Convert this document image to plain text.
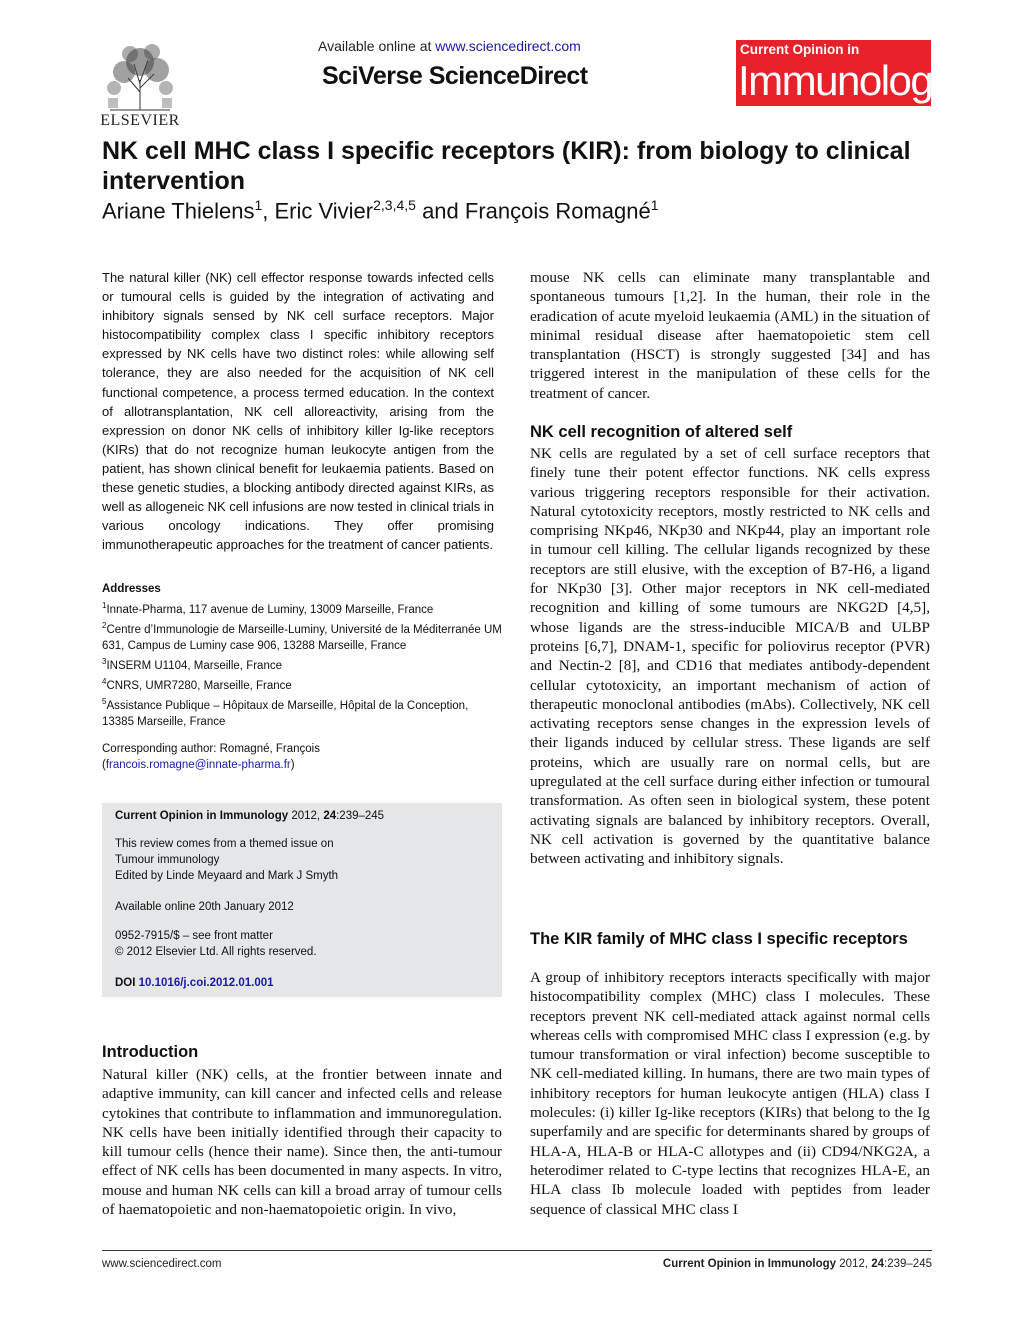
ELSEVIER
Available online at www.sciencedirect.com
SciVerse ScienceDirect
Current Opinion in
Immunology
NK cell MHC class I specific receptors (KIR): from biology to clinical intervention
Ariane Thielens$^1$, Eric Vivier$^{2,3,4,5}$ and François Romagné$^1$

The natural killer (NK) cell effector response towards infected cells or tumoural cells is guided by the integration of activating and inhibitory signals sensed by NK cell surface receptors. Major histocompatibility complex class I specific inhibitory receptors expressed by NK cells have two distinct roles: while allowing self tolerance, they are also needed for the acquisition of NK cell functional competence, a process termed education. In the context of allotransplantation, NK cell alloreactivity, arising from the expression on donor NK cells of inhibitory killer Ig-like receptors (KIRs) that do not recognize human leukocyte antigen from the patient, has shown clinical benefit for leukaemia patients. Based on these genetic studies, a blocking antibody directed against KIRs, as well as allogeneic NK cell infusions are now tested in clinical trials in various oncology indications. They offer promising immunotherapeutic approaches for the treatment of cancer patients.

Addresses
$^1$Innate-Pharma, 117 avenue de Luminy, 13009 Marseille, France
$^2$Centre d’Immunologie de Marseille-Luminy, Université de la Méditerranée UM 631, Campus de Luminy case 906, 13288 Marseille, France
$^3$INSERM U1104, Marseille, France
$^4$CNRS, UMR7280, Marseille, France
$^5$Assistance Publique – Hôpitaux de Marseille, Hôpital de la Conception, 13385 Marseille, France
Corresponding author: Romagné, François
(francois.romagne@innate-pharma.fr)
Current Opinion in Immunology 2012, 24:239–245
This review comes from a themed issue on
Tumour immunology
Edited by Linde Meyaard and Mark J Smyth
Available online 20th January 2012
0952-7915/$ – see front matter
© 2012 Elsevier Ltd. All rights reserved.
DOI 10.1016/j.coi.2012.01.001
Introduction

Natural killer (NK) cells, at the frontier between innate and adaptive immunity, can kill cancer and infected cells and release cytokines that contribute to inflammation and immunoregulation. NK cells have been initially identified through their capacity to kill tumour cells (hence their name). Since then, the anti-tumour effect of NK cells has been documented in many aspects. In vitro, mouse and human NK cells can kill a broad array of tumour cells of haematopoietic and non-haematopoietic origin. In vivo,

mouse NK cells can eliminate many transplantable and spontaneous tumours [1,2]. In the human, their role in the eradication of acute myeloid leukaemia (AML) in the situation of minimal residual disease after haematopoietic stem cell transplantation (HSCT) is strongly suggested [34] and has triggered interest in the manipulation of these cells for the treatment of cancer.

NK cell recognition of altered self

NK cells are regulated by a set of cell surface receptors that finely tune their potent effector functions. NK cells express various triggering receptors responsible for their activation. Natural cytotoxicity receptors, mostly restricted to NK cells and comprising NKp46, NKp30 and NKp44, play an important role in tumour cell killing. The cellular ligands recognized by these receptors are still elusive, with the exception of B7-H6, a ligand for NKp30 [3]. Other major receptors in NK cell-mediated recognition and killing of some tumours are NKG2D [4,5], whose ligands are the stress-inducible MICA/B and ULBP proteins [6,7], DNAM-1, specific for poliovirus receptor (PVR) and Nectin-2 [8], and CD16 that mediates antibody-dependent cellular cytotoxicity, an important mechanism of action of therapeutic monoclonal antibodies (mAbs). Collectively, NK cell activating receptors sense changes in the expression levels of their ligands induced by cellular stress. These ligands are self proteins, which are usually rare on normal cells, but are upregulated at the cell surface during either infection or tumoural transformation. As often seen in biological system, these potent activating signals are balanced by inhibitory receptors. Overall, NK cell activation is governed by the quantitative balance between activating and inhibitory signals.

The KIR family of MHC class I specific receptors

A group of inhibitory receptors interacts specifically with major histocompatibility complex (MHC) class I molecules. These receptors prevent NK cell-mediated attack against normal cells whereas cells with compromised MHC class I expression (e.g. by tumour transformation or viral infection) become susceptible to NK cell-mediated killing. In humans, there are two main types of inhibitory receptors for human leukocyte antigen (HLA) class I molecules: (i) killer Ig-like receptors (KIRs) that belong to the Ig superfamily and are specific for determinants shared by groups of HLA-A, HLA-B or HLA-C allotypes and (ii) CD94/NKG2A, a heterodimer related to C-type lectins that recognizes HLA-E, an HLA class Ib molecule loaded with peptides from leader sequence of classical MHC class I

www.sciencedirect.com	Current Opinion in Immunology 2012, 24:239–245
